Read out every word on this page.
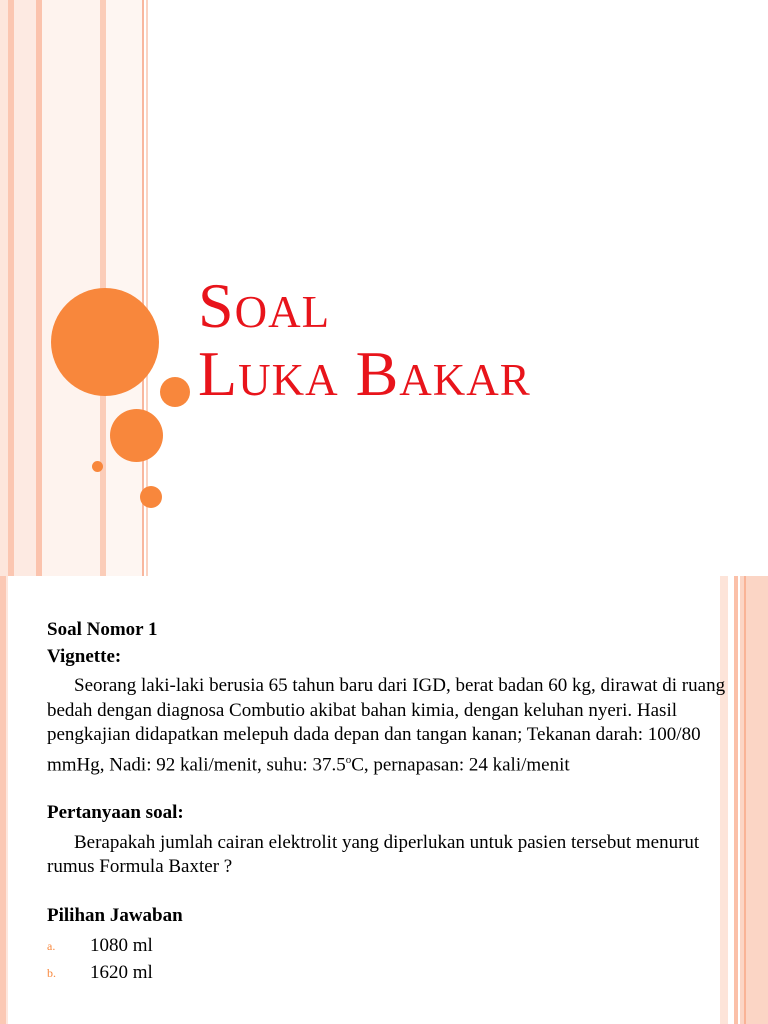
Soal
Luka Bakar

Soal Nomor 1

Vignette:

Seorang laki-laki berusia 65 tahun baru dari IGD, berat badan 60 kg, dirawat di ruang bedah dengan diagnosa Combutio akibat bahan kimia, dengan keluhan nyeri. Hasil pengkajian didapatkan melepuh dada depan dan tangan kanan; Tekanan darah: 100/80 mmHg, Nadi: 92 kali/menit, suhu: 37.5$^o$C, pernapasan: 24 kali/menit

Pertanyaan soal:

Berapakah jumlah cairan elektrolit yang diperlukan untuk pasien tersebut menurut rumus Formula Baxter ?

Pilihan Jawaban

a. 1080 ml
b. 1620 ml
